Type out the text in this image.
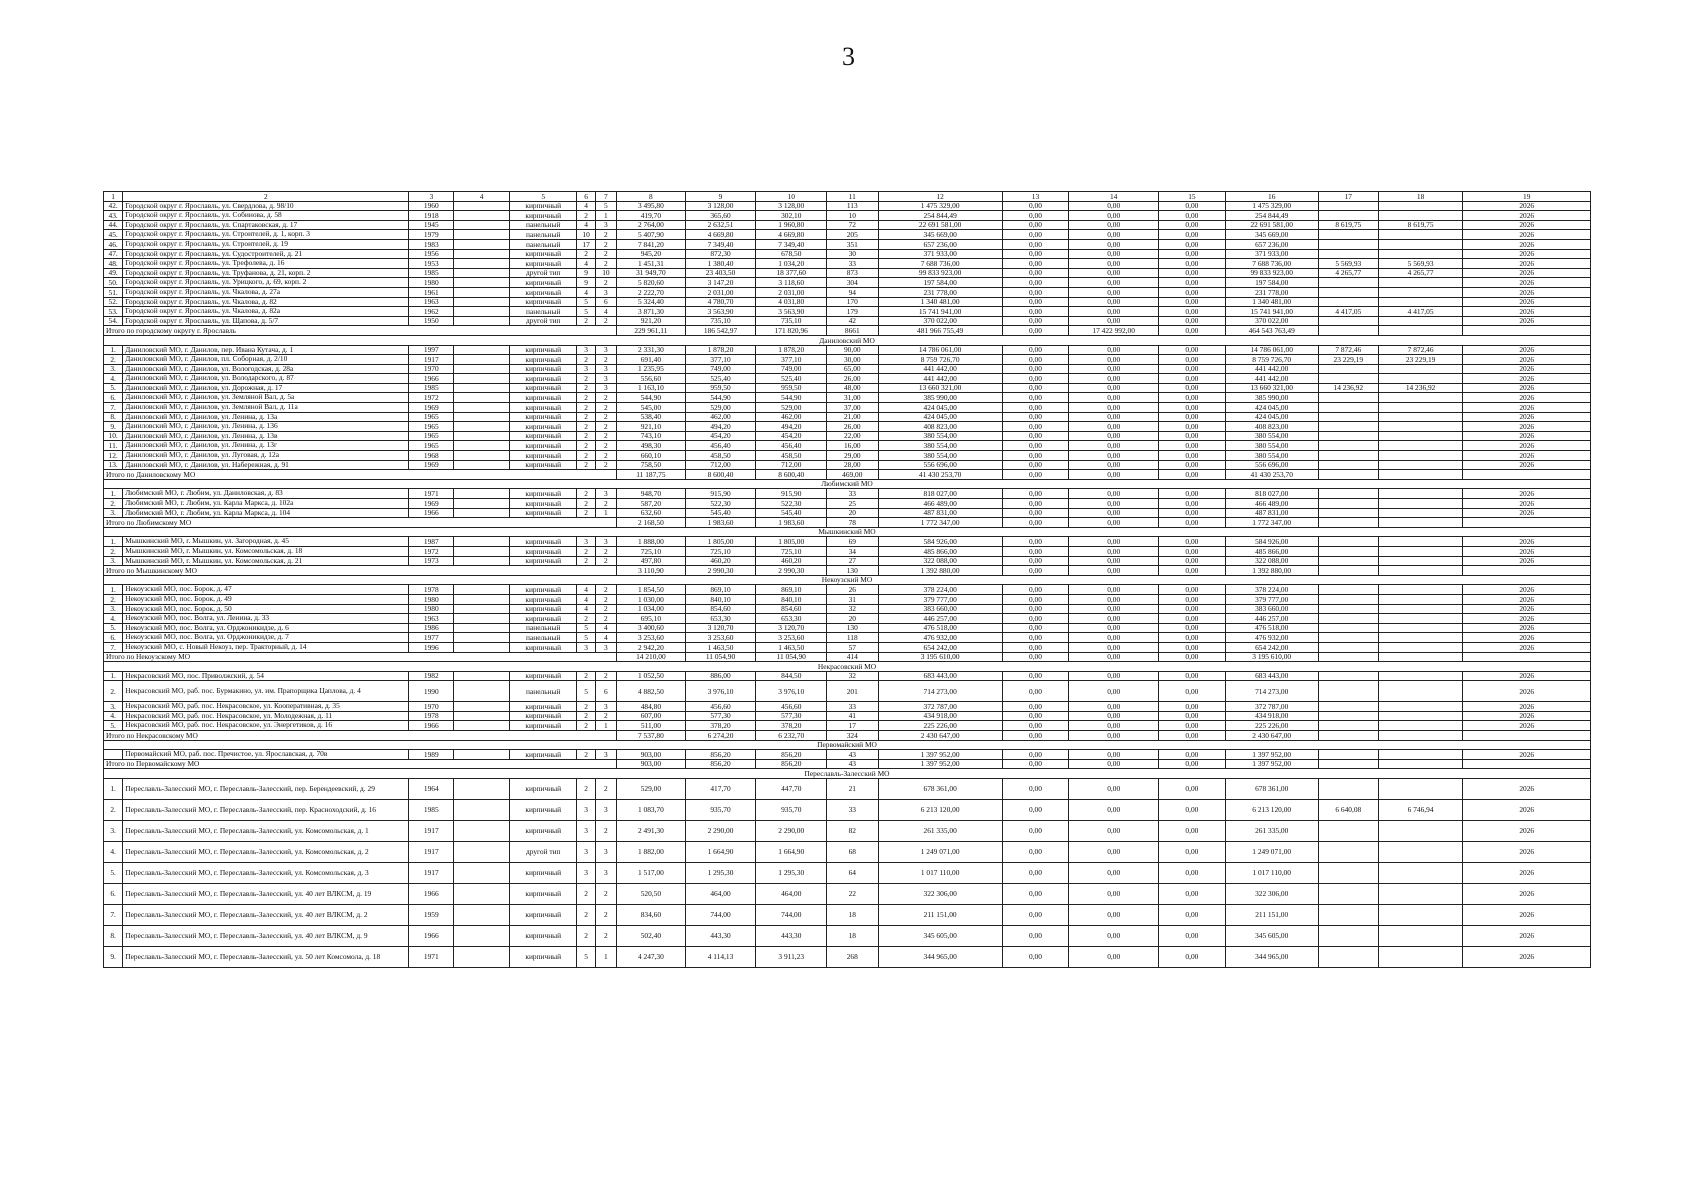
3
1	2	3	4	5	6	7	8	9	10	11	12	13	14	15	16	17	18	19
42.	Городской округ г. Ярославль, ул. Свердлова, д. 98/10	1960		кирпичный	4	5	3 495,80	3 128,00	3 128,00	113	1 475 329,00	0,00	0,00	0,00	1 475 329,00			2026
43.	Городской округ г. Ярославль, ул. Собинова, д. 58	1918		кирпичный	2	1	419,70	365,60	302,10	10	254 844,49	0,00	0,00	0,00	254 844,49			2026
44.	Городской округ г. Ярославль, ул. Спартаковская, д. 17	1945		панельный	4	3	2 764,00	2 632,51	1 960,80	72	22 691 581,00	0,00	0,00	0,00	22 691 581,00	8 619,75	8 619,75	2026
45.	Городской округ г. Ярославль, ул. Строителей, д. 1, корп. 3	1979		панельный	10	2	5 407,90	4 669,80	4 669,80	205	345 669,00	0,00	0,00	0,00	345 669,00			2026
46.	Городской округ г. Ярославль, ул. Строителей, д. 19	1983		панельный	17	2	7 841,20	7 349,40	7 349,40	351	657 236,00	0,00	0,00	0,00	657 236,00			2026
47.	Городской округ г. Ярославль, ул. Судостроителей, д. 21	1956		кирпичный	2	2	945,20	872,30	678,50	30	371 933,00	0,00	0,00	0,00	371 933,00			2026
48.	Городской округ г. Ярославль, ул. Трефолева, д. 16	1953		кирпичный	4	2	1 451,31	1 380,40	1 034,20	33	7 688 736,00	0,00	0,00	0,00	7 688 736,00	5 569,93	5 569,93	2026
49.	Городской округ г. Ярославль, ул. Труфанова, д. 21, корп. 2	1985		другой тип	9	10	31 949,70	23 403,50	18 377,60	873	99 833 923,00	0,00	0,00	0,00	99 833 923,00	4 265,77	4 265,77	2026
50.	Городской округ г. Ярославль, ул. Урицкого, д. 69, корп. 2	1980		кирпичный	9	2	5 820,60	3 147,20	3 118,60	304	197 584,00	0,00	0,00	0,00	197 584,00			2026
51.	Городской округ г. Ярославль, ул. Чкалова, д. 27а	1961		кирпичный	4	3	2 222,70	2 031,00	2 031,00	94	231 778,00	0,00	0,00	0,00	231 778,00			2026
52.	Городской округ г. Ярославль, ул. Чкалова, д. 82	1963		кирпичный	5	6	5 324,40	4 780,70	4 031,80	170	1 340 481,00	0,00	0,00	0,00	1 340 481,00			2026
53.	Городской округ г. Ярославль, ул. Чкалова, д. 82а	1962		панельный	5	4	3 871,30	3 563,90	3 563,90	179	15 741 941,00	0,00	0,00	0,00	15 741 941,00	4 417,05	4 417,05	2026
54.	Городской округ г. Ярославль, ул. Щапова, д. 5/7	1950		другой тип	2	2	921,20	735,10	735,10	42	370 022,00	0,00	0,00	0,00	370 022,00			2026
Итого по городскому округу г. Ярославль							229 961,11	186 542,97	171 820,96	8661	481 966 755,49	0,00	17 422 992,00	0,00	464 543 763,49			
Даниловский МО																		
1.	Даниловский МО, г. Данилов, пер. Ивана Кутача, д. 1	1997		кирпичный	3	3	2 331,30	1 878,20	1 878,20	90,00	14 786 061,00	0,00	0,00	0,00	14 786 061,00	7 872,46	7 872,46	2026
2.	Даниловский МО, г. Данилов, пл. Соборная, д. 2/10	1917		кирпичный	2	2	691,40	377,10	377,10	30,00	8 759 726,70	0,00	0,00	0,00	8 759 726,70	23 229,19	23 229,19	2026
3.	Даниловский МО, г. Данилов, ул. Вологодская, д. 28а	1970		кирпичный	3	3	1 235,95	749,00	749,00	65,00	441 442,00	0,00	0,00	0,00	441 442,00			2026
4.	Даниловский МО, г. Данилов, ул. Володарского, д. 87	1966		кирпичный	2	3	556,60	525,40	525,40	26,00	441 442,00	0,00	0,00	0,00	441 442,00			2026
5.	Даниловский МО, г. Данилов, ул. Дорожная, д. 17	1985		кирпичный	2	3	1 163,10	959,50	959,50	48,00	13 660 321,00	0,00	0,00	0,00	13 660 321,00	14 236,92	14 236,92	2026
6.	Даниловский МО, г. Данилов, ул. Земляной Вал, д. 5а	1972		кирпичный	2	2	544,90	544,90	544,90	31,00	385 990,00	0,00	0,00	0,00	385 990,00			2026
7.	Даниловский МО, г. Данилов, ул. Земляной Вал, д. 11а	1969		кирпичный	2	2	545,00	529,00	529,00	37,00	424 045,00	0,00	0,00	0,00	424 045,00			2026
8.	Даниловский МО, г. Данилов, ул. Ленина, д. 13а	1965		кирпичный	2	2	538,40	462,00	462,00	21,00	424 045,00	0,00	0,00	0,00	424 045,00			2026
9.	Даниловский МО, г. Данилов, ул. Ленина, д. 136	1965		кирпичный	2	2	921,10	494,20	494,20	26,00	408 823,00	0,00	0,00	0,00	408 823,00			2026
10.	Даниловский МО, г. Данилов, ул. Ленина, д. 13в	1965		кирпичный	2	2	743,10	454,20	454,20	22,00	380 554,00	0,00	0,00	0,00	380 554,00			2026
11.	Даниловский МО, г. Данилов, ул. Ленина, д. 13г	1965		кирпичный	2	2	498,30	456,40	456,40	16,00	380 554,00	0,00	0,00	0,00	380 554,00			2026
12.	Даниловский МО, г. Данилов, ул. Луговая, д. 12а	1968		кирпичный	2	2	660,10	458,50	458,50	29,00	380 554,00	0,00	0,00	0,00	380 554,00			2026
13.	Даниловский МО, г. Данилов, ул. Набережная, д. 91	1969		кирпичный	2	2	758,50	712,00	712,00	28,00	556 696,00	0,00	0,00	0,00	556 696,00			2026
Итого по Даниловскому МО							11 187,75	8 600,40	8 600,40	469,00	41 430 253,70	0,00	0,00	0,00	41 430 253,70			
Любимский МО																		
1.	Любимский МО, г. Любим, ул. Даниловская, д. 83	1971		кирпичный	2	3	948,70	915,90	915,90	33	818 027,00	0,00	0,00	0,00	818 027,00			2026
2.	Любимский МО, г. Любим, ул. Карла Маркса, д. 102а	1969		кирпичный	2	2	587,20	522,30	522,30	25	466 489,00	0,00	0,00	0,00	466 489,00			2026
3.	Любимский МО, г. Любим, ул. Карла Маркса, д. 104	1966		кирпичный	2	1	632,60	545,40	545,40	20	487 831,00	0,00	0,00	0,00	487 831,00			2026
Итого по Любимскому МО							2 168,50	1 983,60	1 983,60	78	1 772 347,00	0,00	0,00	0,00	1 772 347,00			
Мышкинский МО																		
1.	Мышкинский МО, г. Мышкин, ул. Загородная, д. 45	1987		кирпичный	3	3	1 888,00	1 805,00	1 805,00	69	584 926,00	0,00	0,00	0,00	584 926,00			2026
2.	Мышкинский МО, г. Мышкин, ул. Комсомольская, д. 18	1972		кирпичный	2	2	725,10	725,10	725,10	34	485 866,00	0,00	0,00	0,00	485 866,00			2026
3.	Мышкинский МО, г. Мышкин, ул. Комсомольская, д. 21	1973		кирпичный	2	2	497,80	460,20	460,20	27	322 088,00	0,00	0,00	0,00	322 088,00			2026
Итого по Мышкинскому МО							3 110,90	2 990,30	2 990,30	130	1 392 880,00	0,00	0,00	0,00	1 392 880,00			
Некоузский МО																		
1.	Некоузский МО, пос. Борок, д. 47	1978		кирпичный	4	2	1 854,50	869,10	869,10	26	378 224,00	0,00	0,00	0,00	378 224,00			2026
2.	Некоузский МО, пос. Борок, д. 49	1980		кирпичный	4	2	1 030,00	840,10	840,10	31	379 777,00	0,00	0,00	0,00	379 777,00			2026
3.	Некоузский МО, пос. Борок, д. 50	1980		кирпичный	4	2	1 034,00	854,60	854,60	32	383 660,00	0,00	0,00	0,00	383 660,00			2026
4.	Некоузский МО, пос. Волга, ул. Ленина, д. 33	1963		кирпичный	2	2	695,10	653,30	653,30	20	446 257,00	0,00	0,00	0,00	446 257,00			2026
5.	Некоузский МО, пос. Волга, ул. Орджоникидзе, д. 6	1986		панельный	5	4	3 400,60	3 120,70	3 120,70	130	476 518,00	0,00	0,00	0,00	476 518,00			2026
6.	Некоузский МО, пос. Волга, ул. Орджоникидзе, д. 7	1977		панельный	5	4	3 253,60	3 253,60	3 253,60	118	476 932,00	0,00	0,00	0,00	476 932,00			2026
7.	Некоузский МО, с. Новый Некоуз, пер. Тракторный, д. 14	1996		кирпичный	3	3	2 942,20	1 463,50	1 463,50	57	654 242,00	0,00	0,00	0,00	654 242,00			2026
Итого по Некоузскому МО							14 210,00	11 054,90	11 054,90	414	3 195 610,00	0,00	0,00	0,00	3 195 610,00			
Некрасовский МО																		
1.	Некрасовский МО, пос. Приволжский, д. 54	1982		кирпичный	2	2	1 052,50	886,00	844,50	32	683 443,00	0,00	0,00	0,00	683 443,00			2026
2.	Некрасовский МО, раб. пос. Бурмакино, ул. им. Прапорщика Цаплова, д. 4	1990		панельный	5	6	4 882,50	3 976,10	3 976,10	201	714 273,00	0,00	0,00	0,00	714 273,00			2026
3.	Некрасовский МО, раб. пос. Некрасовское, ул. Кооперативная, д. 35	1970		кирпичный	2	3	484,80	456,60	456,60	33	372 787,00	0,00	0,00	0,00	372 787,00			2026
4.	Некрасовский МО, раб. пос. Некрасовское, ул. Молодежная, д. 11	1978		кирпичный	2	2	607,00	577,30	577,30	41	434 918,00	0,00	0,00	0,00	434 918,00			2026
5.	Некрасовский МО, раб. пос. Некрасовское, ул. Энергетиков, д. 16	1966		кирпичный	2	1	511,00	378,20	378,20	17	225 226,00	0,00	0,00	0,00	225 226,00			2026
Итого по Некрасовскому МО							7 537,80	6 274,20	6 232,70	324	2 430 647,00	0,00	0,00	0,00	2 430 647,00			
Первомайский МО																		
	Первомайский МО, раб. пос. Пречистое, ул. Ярославская, д. 70в	1989		кирпичный	2	3	903,00	856,20	856,20	43	1 397 952,00	0,00	0,00	0,00	1 397 952,00			2026
Итого по Первомайскому МО							903,00	856,20	856,20	43	1 397 952,00	0,00	0,00	0,00	1 397 952,00			
Переславль-Залесский МО																		
1.	Переславль-Залесский МО, г. Переславль-Залесский, пер. Берендеевский, д. 29	1964		кирпичный	2	2	529,00	417,70	447,70	21	678 361,00	0,00	0,00	0,00	678 361,00			2026
2.	Переславль-Залесский МО, г. Переславль-Залесский, пер. Красноходский, д. 16	1985		кирпичный	3	3	1 083,70	935,70	935,70	33	6 213 120,00	0,00	0,00	0,00	6 213 120,00	6 640,08	6 746,94	2026
3.	Переславль-Залесский МО, г. Переславль-Залесский, ул. Комсомольская, д. 1	1917		кирпичный	3	2	2 491,30	2 290,00	2 290,00	82	261 335,00	0,00	0,00	0,00	261 335,00			2026
4.	Переславль-Залесский МО, г. Переславль-Залесский, ул. Комсомольская, д. 2	1917		другой тип	3	3	1 882,00	1 664,90	1 664,90	68	1 249 071,00	0,00	0,00	0,00	1 249 071,00			2026
5.	Переславль-Залесский МО, г. Переславль-Залесский, ул. Комсомольская, д. 3	1917		кирпичный	3	3	1 517,00	1 295,30	1 295,30	64	1 017 110,00	0,00	0,00	0,00	1 017 110,00			2026
6.	Переславль-Залесский МО, г. Переславль-Залесский, ул. 40 лет ВЛКСМ, д. 19	1966		кирпичный	2	2	520,50	464,00	464,00	22	322 306,00	0,00	0,00	0,00	322 306,00			2026
7.	Переславль-Залесский МО, г. Переславль-Залесский, ул. 40 лет ВЛКСМ, д. 2	1959		кирпичный	2	2	834,60	744,00	744,00	18	211 151,00	0,00	0,00	0,00	211 151,00			2026
8.	Переславль-Залесский МО, г. Переславль-Залесский, ул. 40 лет ВЛКСМ, д. 9	1966		кирпичный	2	2	502,40	443,30	443,30	18	345 605,00	0,00	0,00	0,00	345 605,00			2026
9.	Переславль-Залесский МО, г. Переславль-Залесский, ул. 50 лет Комсомола, д. 18	1971		кирпичный	5	1	4 247,30	4 114,13	3 911,23	268	344 965,00	0,00	0,00	0,00	344 965,00			2026
